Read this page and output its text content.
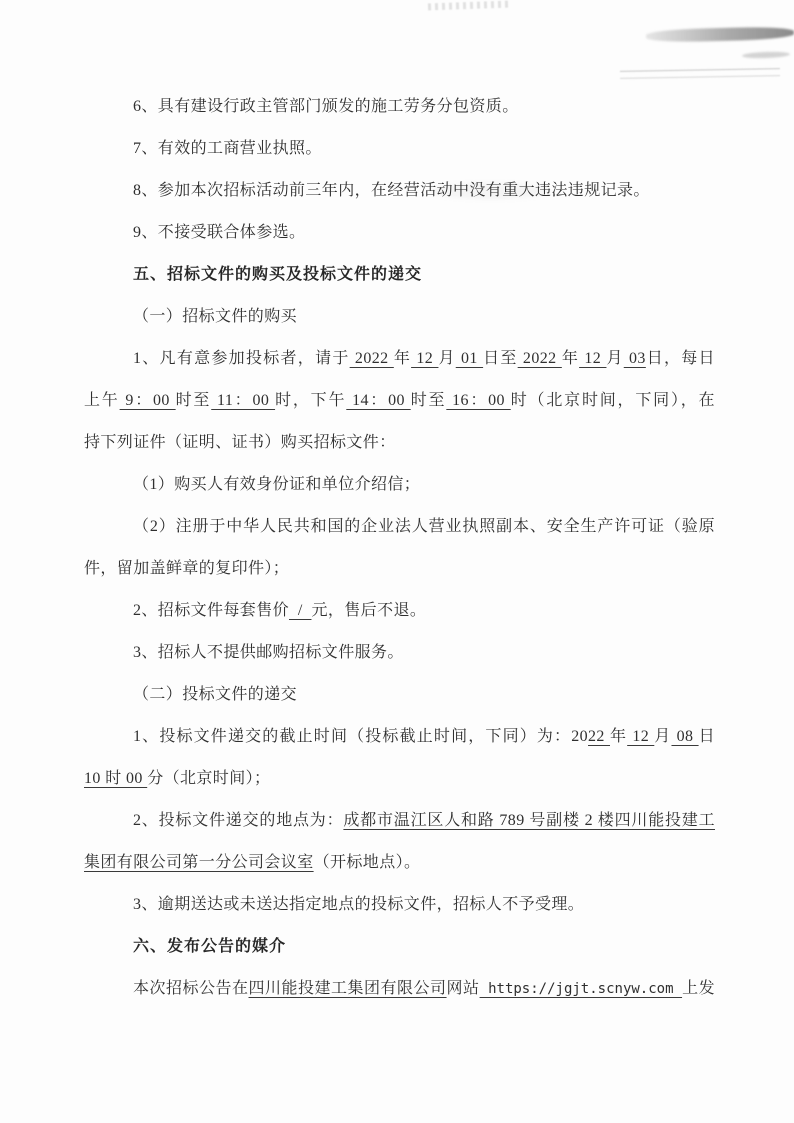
6、具有建设行政主管部门颁发的施工劳务分包资质。

7、有效的工商营业执照。

8、参加本次招标活动前三年内，在经营活动中没有重大违法违规记录。

9、不接受联合体参选。

五、招标文件的购买及投标文件的递交

（一）招标文件的购买

1、凡有意参加投标者，请于 2022 年 12 月 01 日至 2022 年 12 月 03日，每日

上午 9：00 时至 11：00 时，下午 14：00 时至 16：00 时（北京时间，下同），在

持下列证件（证明、证书）购买招标文件：

（1）购买人有效身份证和单位介绍信；

（2）注册于中华人民共和国的企业法人营业执照副本、安全生产许可证（验原

件，留加盖鲜章的复印件）；

2、招标文件每套售价  /  元，售后不退。

3、招标人不提供邮购招标文件服务。

（二）投标文件的递交

1、投标文件递交的截止时间（投标截止时间，下同）为：2022 年 12 月 08 日

10 时 00 分（北京时间）；

2、投标文件递交的地点为：成都市温江区人和路 789 号副楼 2 楼四川能投建工

集团有限公司第一分公司会议室（开标地点）。

3、逾期送达或未送达指定地点的投标文件，招标人不予受理。

六、发布公告的媒介

本次招标公告在四川能投建工集团有限公司网站 https://jgjt.scnyw.com 上发
